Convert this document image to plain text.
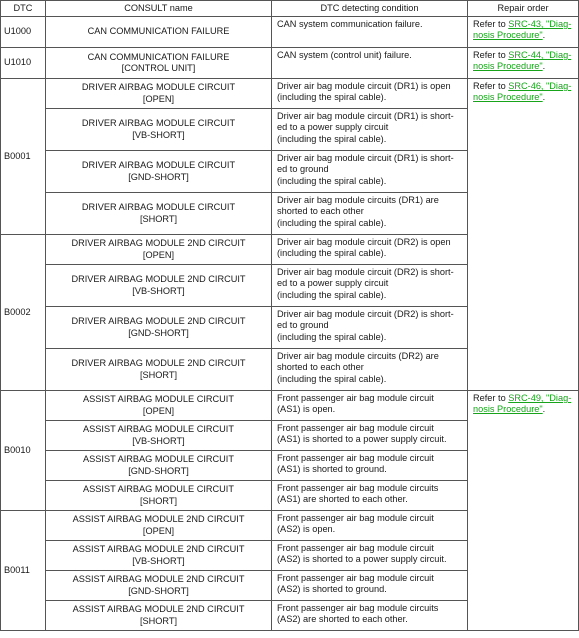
DTC	CONSULT name	DTC detecting condition	Repair order
U1000	CAN COMMUNICATION FAILURE	CAN system communication failure.	Refer to SRC-43, "Diag-
nosis Procedure".

U1010	CAN COMMUNICATION FAILURE
[CONTROL UNIT]	CAN system (control unit) failure.	Refer to SRC-44, "Diag-
nosis Procedure".

B0001	DRIVER AIRBAG MODULE CIRCUIT
[OPEN]	Driver air bag module circuit (DR1) is open
(including the spiral cable).	Refer to SRC-46, "Diag-
nosis Procedure".

	DRIVER AIRBAG MODULE CIRCUIT
[VB-SHORT]	Driver air bag module circuit (DR1) is short-
ed to a power supply circuit
(including the spiral cable).	

	DRIVER AIRBAG MODULE CIRCUIT
[GND-SHORT]	Driver air bag module circuit (DR1) is short-
ed to ground
(including the spiral cable).	

	DRIVER AIRBAG MODULE CIRCUIT
[SHORT]	Driver air bag module circuits (DR1) are
shorted to each other
(including the spiral cable).	

B0002	DRIVER AIRBAG MODULE 2ND CIRCUIT
[OPEN]	Driver air bag module circuit (DR2) is open
(including the spiral cable).	

	DRIVER AIRBAG MODULE 2ND CIRCUIT
[VB-SHORT]	Driver air bag module circuit (DR2) is short-
ed to a power supply circuit
(including the spiral cable).	

	DRIVER AIRBAG MODULE 2ND CIRCUIT
[GND-SHORT]	Driver air bag module circuit (DR2) is short-
ed to ground
(including the spiral cable).	

	DRIVER AIRBAG MODULE 2ND CIRCUIT
[SHORT]	Driver air bag module circuits (DR2) are
shorted to each other
(including the spiral cable).	

B0010	ASSIST AIRBAG MODULE CIRCUIT
[OPEN]	Front passenger air bag module circuit
(AS1) is open.	Refer to SRC-49, "Diag-
nosis Procedure".

	ASSIST AIRBAG MODULE CIRCUIT
[VB-SHORT]	Front passenger air bag module circuit
(AS1) is shorted to a power supply circuit.	

	ASSIST AIRBAG MODULE CIRCUIT
[GND-SHORT]	Front passenger air bag module circuit
(AS1) is shorted to ground.	

	ASSIST AIRBAG MODULE CIRCUIT
[SHORT]	Front passenger air bag module circuits
(AS1) are shorted to each other.	

B0011	ASSIST AIRBAG MODULE 2ND CIRCUIT
[OPEN]	Front passenger air bag module circuit
(AS2) is open.	

	ASSIST AIRBAG MODULE 2ND CIRCUIT
[VB-SHORT]	Front passenger air bag module circuit
(AS2) is shorted to a power supply circuit.	

	ASSIST AIRBAG MODULE 2ND CIRCUIT
[GND-SHORT]	Front passenger air bag module circuit
(AS2) is shorted to ground.	

	ASSIST AIRBAG MODULE 2ND CIRCUIT
[SHORT]	Front passenger air bag module circuits
(AS2) are shorted to each other.	
